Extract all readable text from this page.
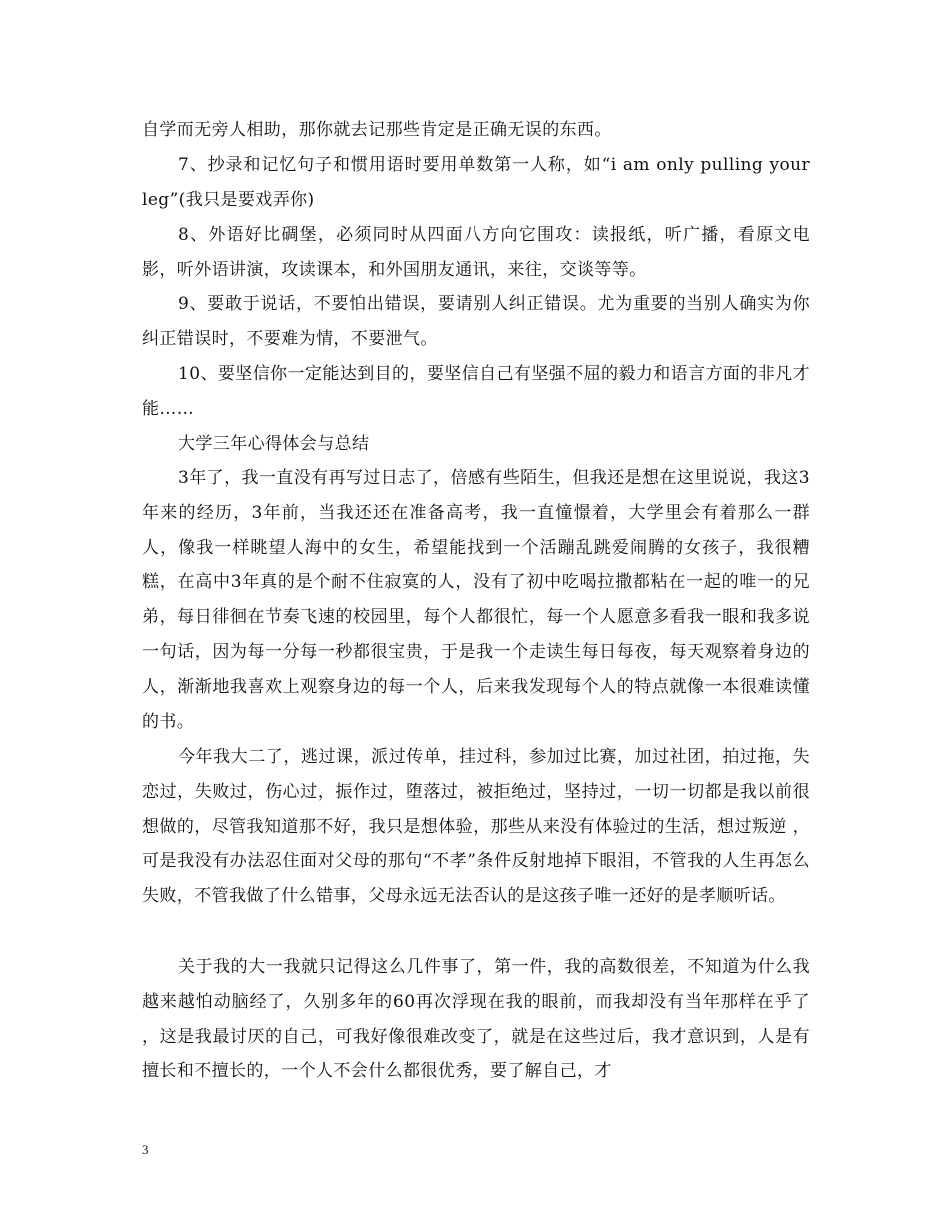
自学而无旁人相助，那你就去记那些肯定是正确无误的东西。

7、抄录和记忆句子和惯用语时要用单数第一人称，如“i am only pulling your leg”(我只是要戏弄你)

8、外语好比碉堡，必须同时从四面八方向它围攻：读报纸，听广播，看原文电影，听外语讲演，攻读课本，和外国朋友通讯，来往，交谈等等。

9、要敢于说话，不要怕出错误，要请别人纠正错误。尤为重要的当别人确实为你纠正错误时，不要难为情，不要泄气。

10、要坚信你一定能达到目的，要坚信自己有坚强不屈的毅力和语言方面的非凡才能……

大学三年心得体会与总结

3年了，我一直没有再写过日志了，倍感有些陌生，但我还是想在这里说说，我这3年来的经历，3年前，当我还还在准备高考，我一直憧憬着，大学里会有着那么一群人，像我一样眺望人海中的女生，希望能找到一个活蹦乱跳爱闹腾的女孩子，我很糟糕，在高中3年真的是个耐不住寂寞的人，没有了初中吃喝拉撒都粘在一起的唯一的兄弟，每日徘徊在节奏飞速的校园里，每个人都很忙，每一个人愿意多看我一眼和我多说一句话，因为每一分每一秒都很宝贵，于是我一个走读生每日每夜，每天观察着身边的人，渐渐地我喜欢上观察身边的每一个人，后来我发现每个人的特点就像一本很难读懂的书。

今年我大二了，逃过课，派过传单，挂过科，参加过比赛，加过社团，拍过拖，失恋过，失败过，伤心过，振作过，堕落过，被拒绝过，坚持过，一切一切都是我以前很想做的，尽管我知道那不好，我只是想体验，那些从来没有体验过的生活，想过叛逆 ，可是我没有办法忍住面对父母的那句“不孝”条件反射地掉下眼泪，不管我的人生再怎么失败，不管我做了什么错事，父母永远无法否认的是这孩子唯一还好的是孝顺听话。

关于我的大一我就只记得这么几件事了，第一件，我的高数很差，不知道为什么我越来越怕动脑经了，久别多年的60再次浮现在我的眼前，而我却没有当年那样在乎了 ，这是我最讨厌的自己，可我好像很难改变了，就是在这些过后，我才意识到，人是有擅长和不擅长的，一个人不会什么都很优秀，要了解自己，才

3
